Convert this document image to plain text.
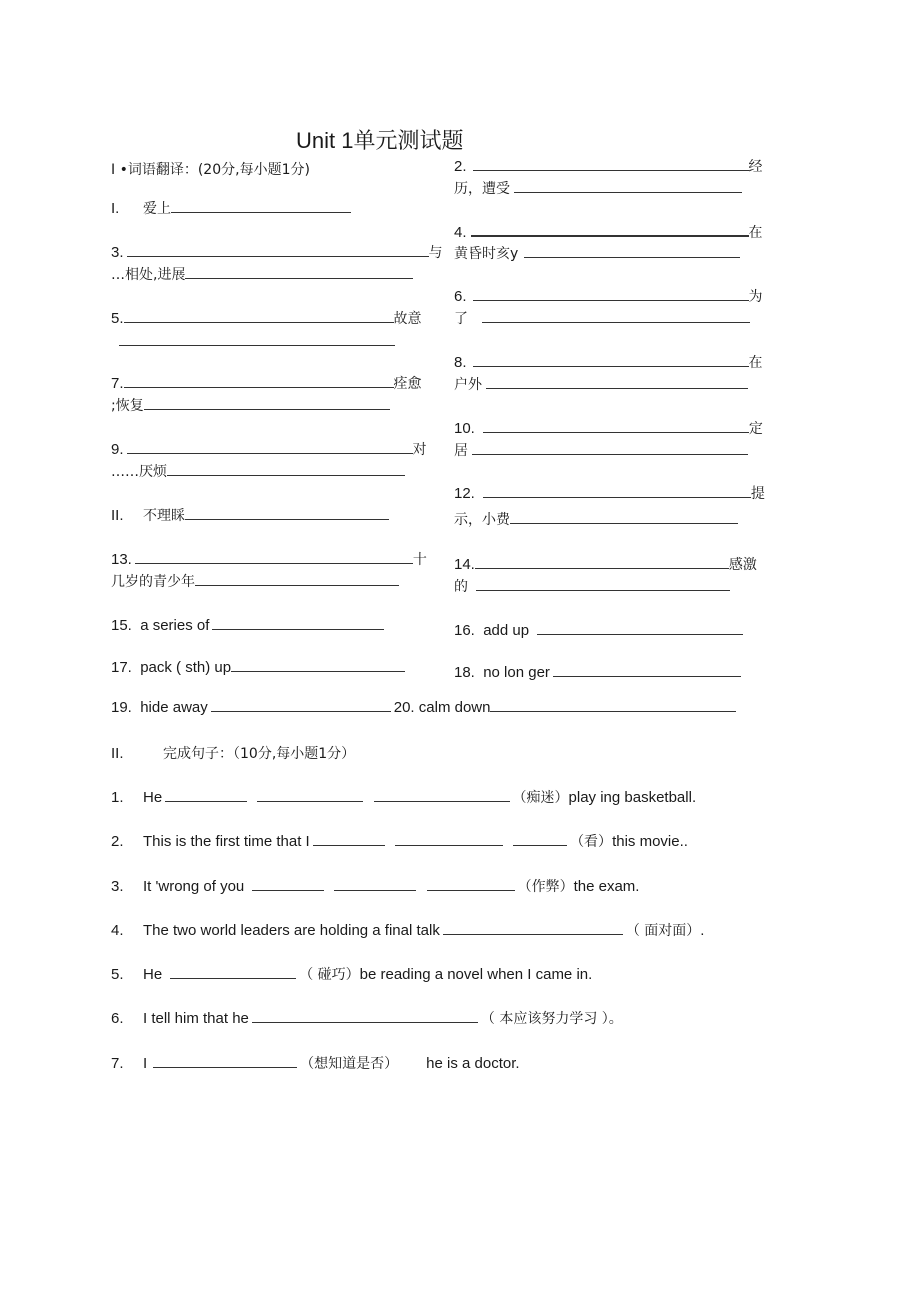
Unit 1单元测试题
I •词语翻译：(20分,每小题1分)
I. 爱上
3.	与
…相处,进展
5.	故意
7.	痊愈
;恢复
9.	对
……厌烦
II. 不理睬
13.	十
几岁的青少年
15. a series of
17. pack ( sth) up
19. hide away	20. calm down
2.	经
历，遭受
4.	在
黄昏时亥y
6.	为
了
8.	在
户外
10.	定
居
12.	提
示，小费
14.	感激
的
16. add up
18. no lon ger
II.	完成句子：（10分,每小题1分）
1. He	（痴迷）play ing basketball.
2. This is the first time that I	（看）this movie..
3. It 'wrong of you	（作弊）the exam.
4. The two world leaders are holding a final talk	（ 面对面）.
5. He	（ 碰巧）be reading a novel when I came in.
6. I tell him that he	（ 本应该努力学习 ）。
7. I	（想知道是否） he is a doctor.
